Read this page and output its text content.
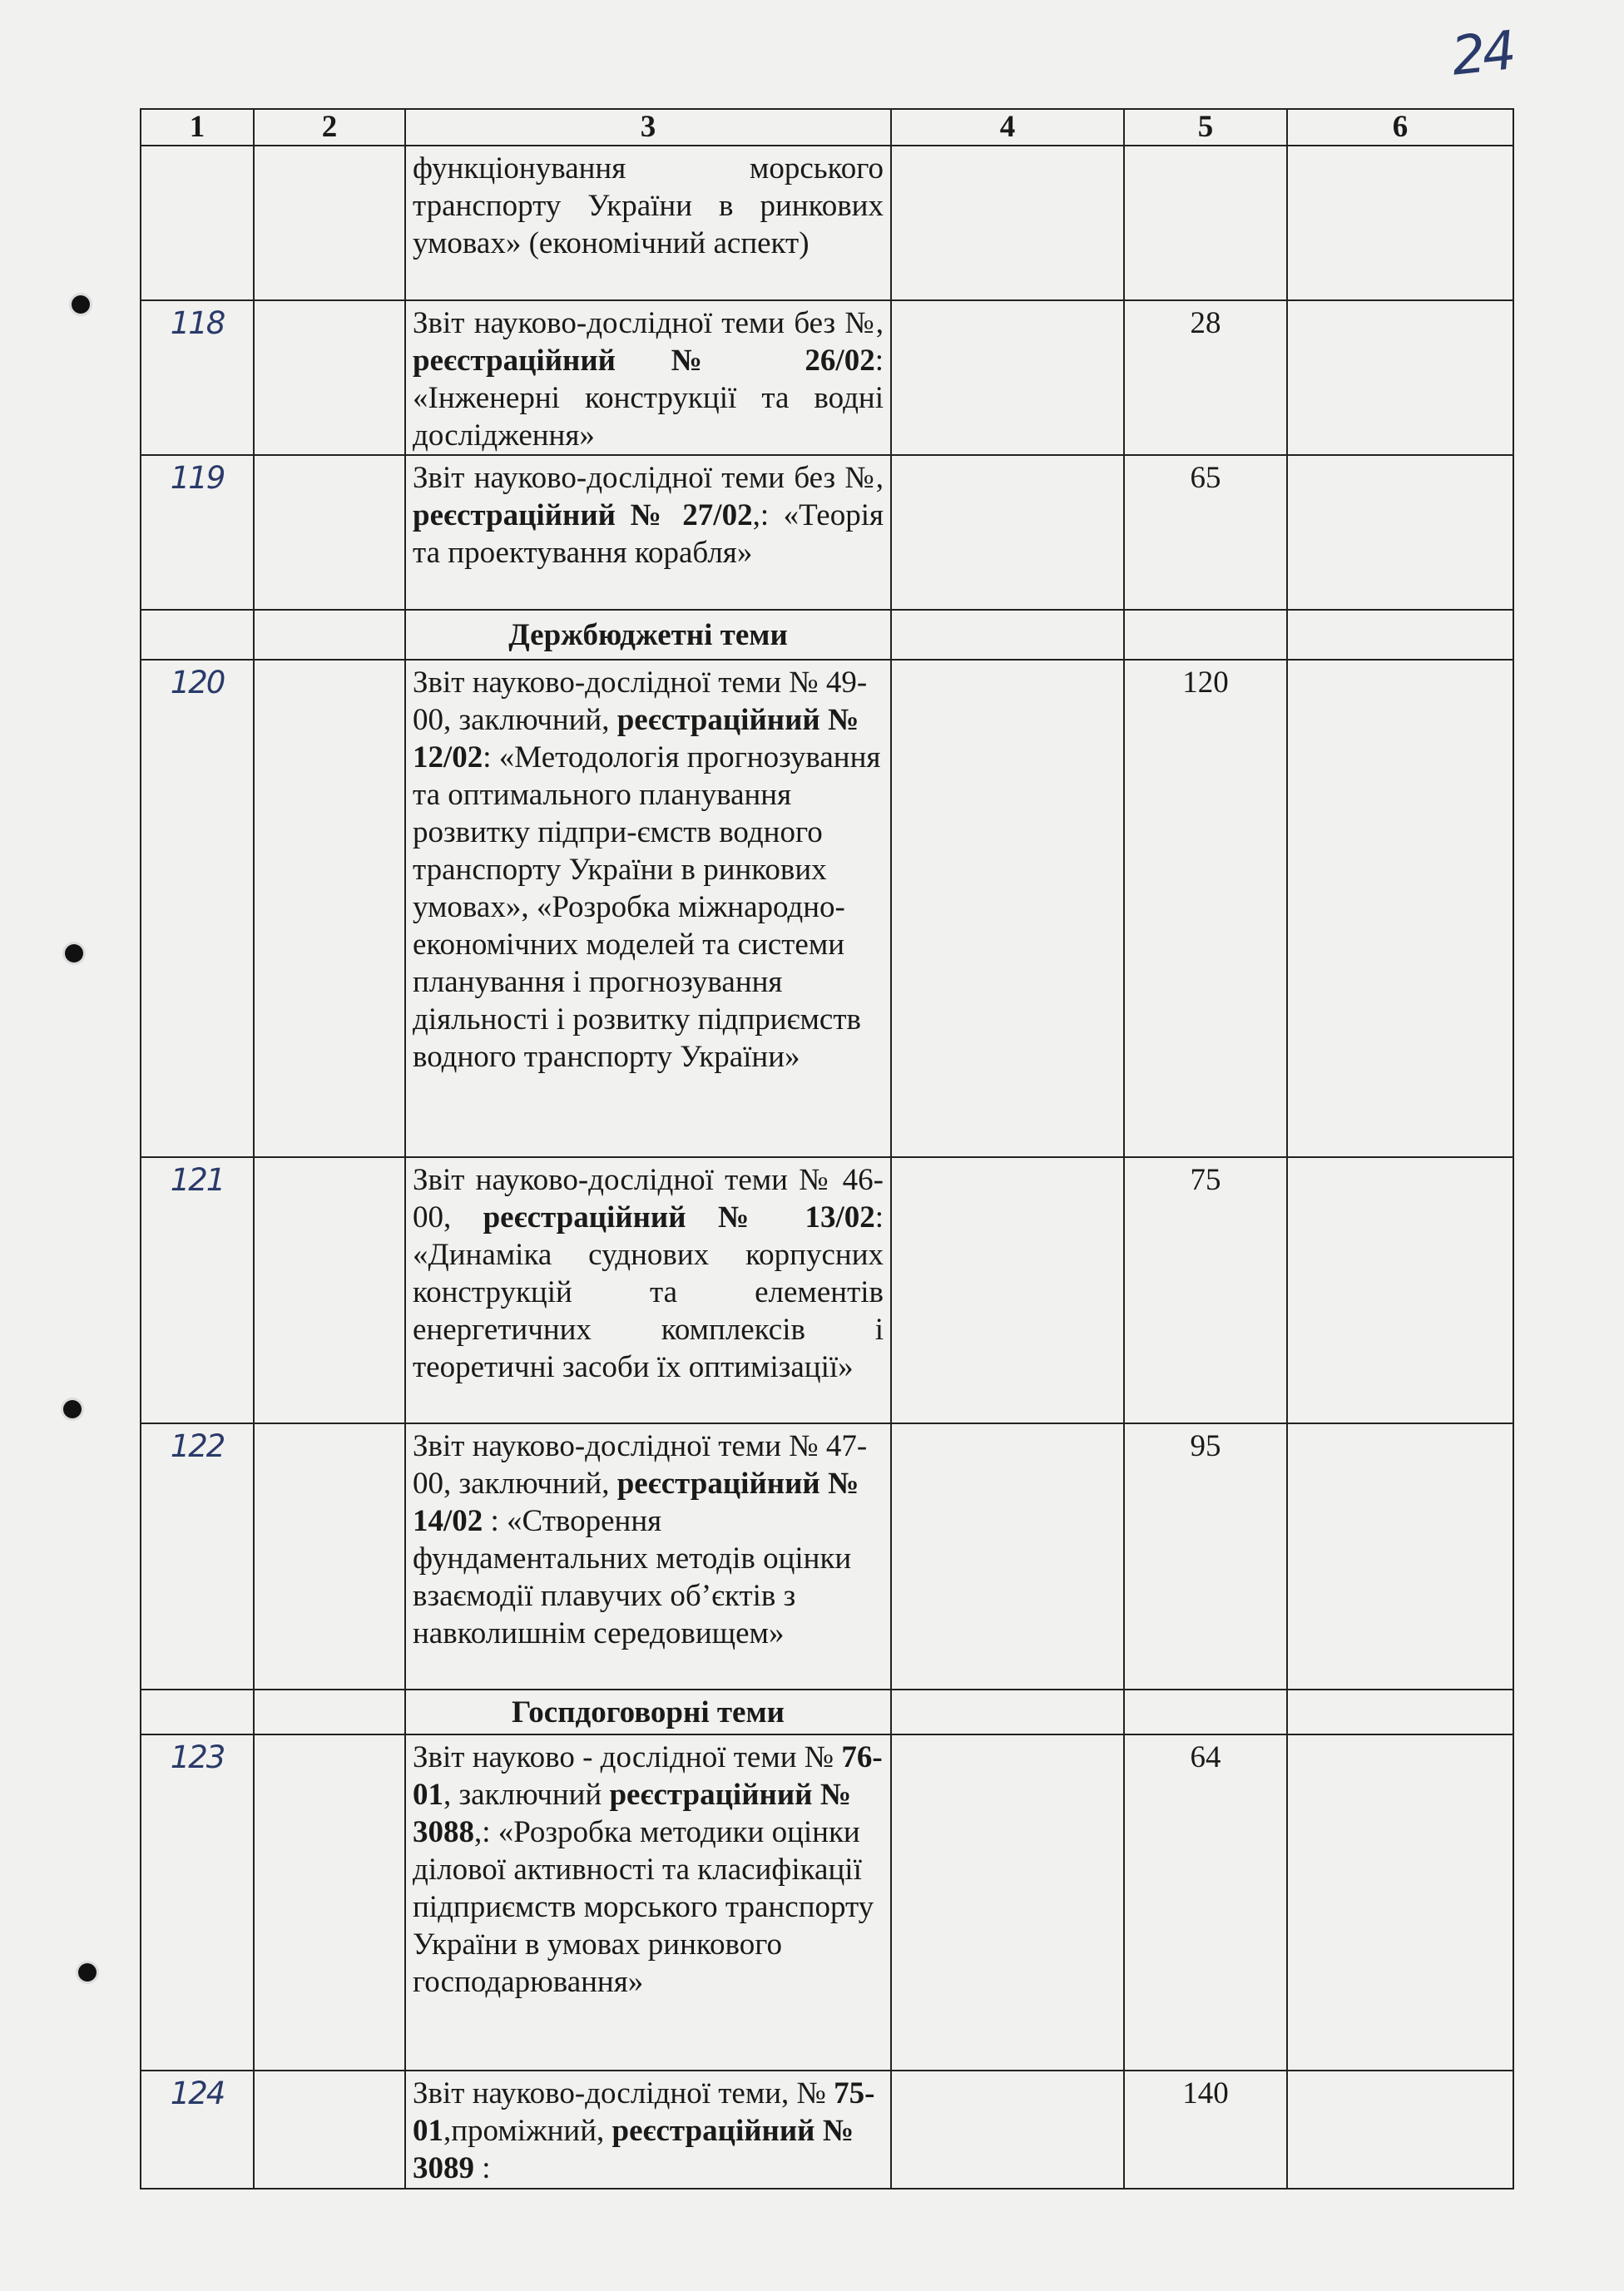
24
1	2	3	4	5	6
		функціонування морського транспорту України в ринкових умовах» (економічний аспект)			
118		Звіт науково-дослідної теми без №, реєстраційний № 26/02: «Інженерні конструкції та водні дослідження»		28	
119		Звіт науково-дослідної теми без №, реєстраційний № 27/02,: «Теорія та проектування корабля»		65	
		Держбюджетні теми			
120		Звіт науково-дослідної теми № 49-00, заключний, реєстраційний № 12/02: «Методологія прогнозування та оптимального планування розвитку підпри-ємств водного транспорту України в ринкових умовах», «Розробка міжнародно-економічних моделей та системи планування і прогнозування діяльності і розвитку підприємств водного транспорту України»		120	
121		Звіт науково-дослідної теми № 46-00, реєстраційний № 13/02: «Динаміка суднових корпусних конструкцій та елементів енергетичних комплексів і теоретичні засоби їх оптимізації»		75	
122		Звіт науково-дослідної теми № 47-00, заключний, реєстраційний № 14/02 : «Створення фундаментальних методів оцінки взаємодії плавучих об’єктів з навколишнім середовищем»		95	
		Госпдоговорні теми			
123		Звіт науково - дослідної теми № 76-01, заключний реєстраційний № 3088,: «Розробка методики оцінки ділової активності та класифікації підприємств морського транспорту України в умовах ринкового господарювання»		64	
124		Звіт науково-дослідної теми, № 75-01,проміжний, реєстраційний № 3089 :		140	
